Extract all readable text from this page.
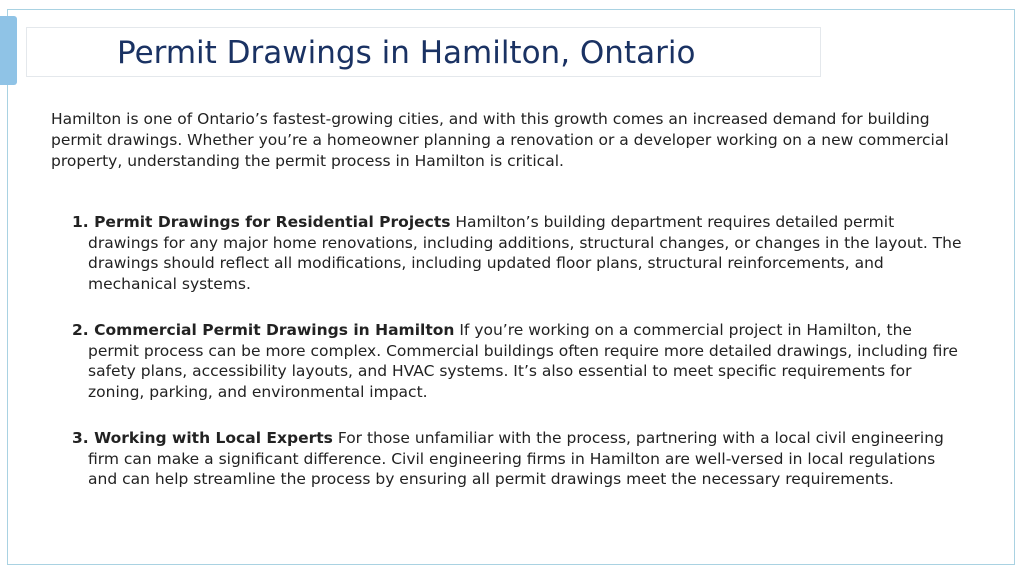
Permit Drawings in Hamilton, Ontario

Hamilton is one of Ontario’s fastest-growing cities, and with this growth comes an increased demand for building permit drawings. Whether you’re a homeowner planning a renovation or a developer working on a new commercial property, understanding the permit process in Hamilton is critical.

1. Permit Drawings for Residential Projects Hamilton’s building department requires detailed permit drawings for any major home renovations, including additions, structural changes, or changes in the layout. The drawings should reflect all modifications, including updated floor plans, structural reinforcements, and mechanical systems.

2. Commercial Permit Drawings in Hamilton If you’re working on a commercial project in Hamilton, the permit process can be more complex. Commercial buildings often require more detailed drawings, including fire safety plans, accessibility layouts, and HVAC systems. It’s also essential to meet specific requirements for zoning, parking, and environmental impact.

3. Working with Local Experts For those unfamiliar with the process, partnering with a local civil engineering firm can make a significant difference. Civil engineering firms in Hamilton are well-versed in local regulations and can help streamline the process by ensuring all permit drawings meet the necessary requirements.
